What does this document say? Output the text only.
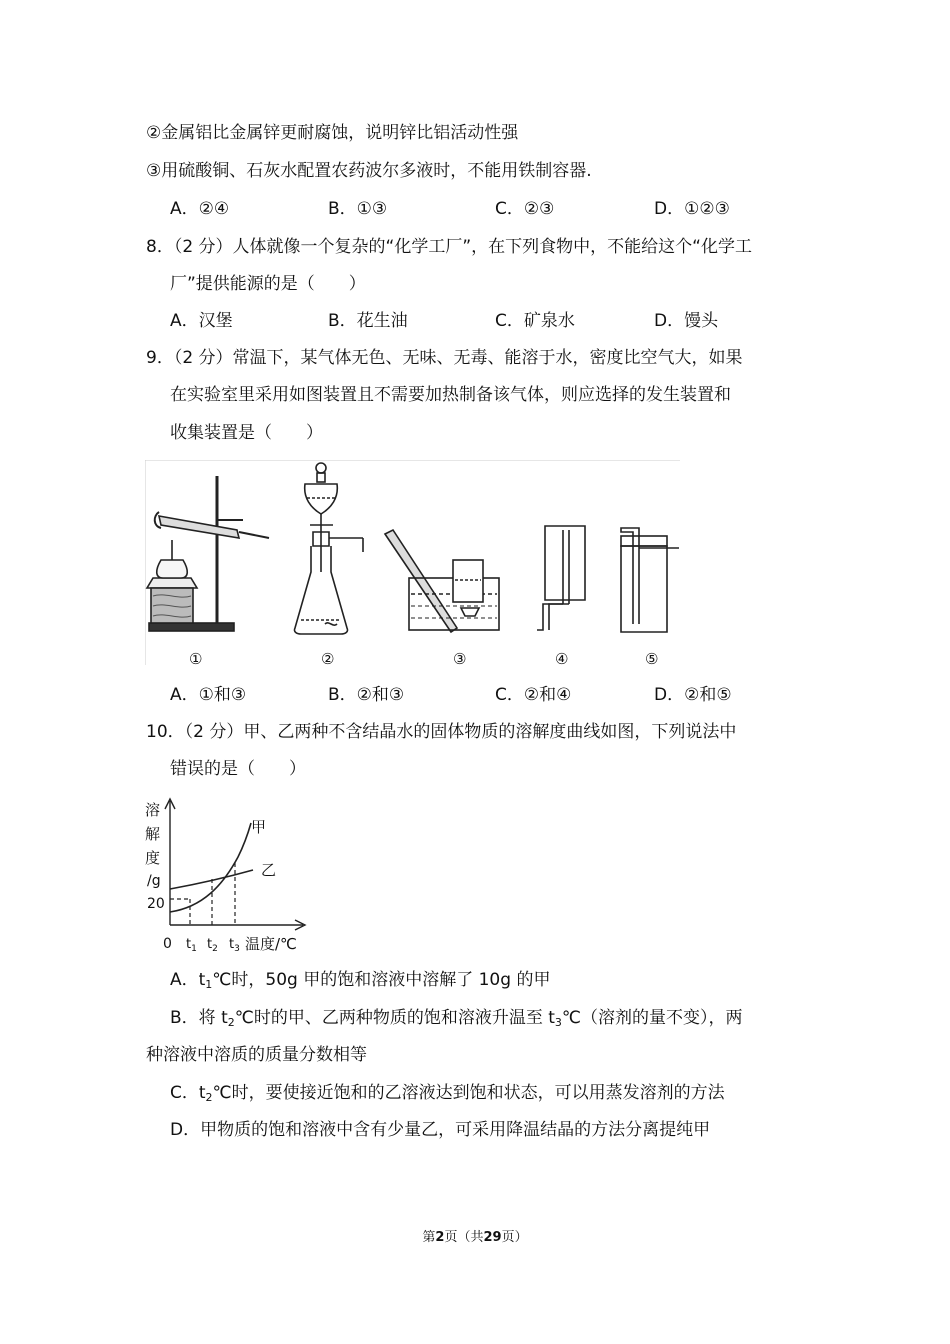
②金属铝比金属锌更耐腐蚀，说明锌比铝活动性强
③用硫酸铜、石灰水配置农药波尔多液时，不能用铁制容器.
A．②④	B．①③	C．②③	D．①②③
8．（2 分）人体就像一个复杂的“化学工厂”，在下列食物中，不能给这个“化学工
厂”提供能源的是（　　）
A．汉堡	B．花生油	C．矿泉水	D．馒头
9．（2 分）常温下，某气体无色、无味、无毒、能溶于水，密度比空气大，如果
在实验室里采用如图装置且不需要加热制备该气体，则应选择的发生装置和
收集装置是（　　）
①	②	③	④	⑤
A．①和③	B．②和③	C．②和④	D．②和⑤
10．（2 分）甲、乙两种不含结晶水的固体物质的溶解度曲线如图，下列说法中
错误的是（　　）
溶
解
度
/g
20
0 $t_1$ $t_2$ $t_3$ 温度/℃
甲
乙
A．$t_1℃$时，50g 甲的饱和溶液中溶解了 10g 的甲
B．将 $t_2℃$时的甲、乙两种物质的饱和溶液升温至 $t_3℃$（溶剂的量不变），两
种溶液中溶质的质量分数相等
C．$t_2℃$时，要使接近饱和的乙溶液达到饱和状态，可以用蒸发溶剂的方法
D．甲物质的饱和溶液中含有少量乙，可采用降温结晶的方法分离提纯甲
第2页（共29页）
